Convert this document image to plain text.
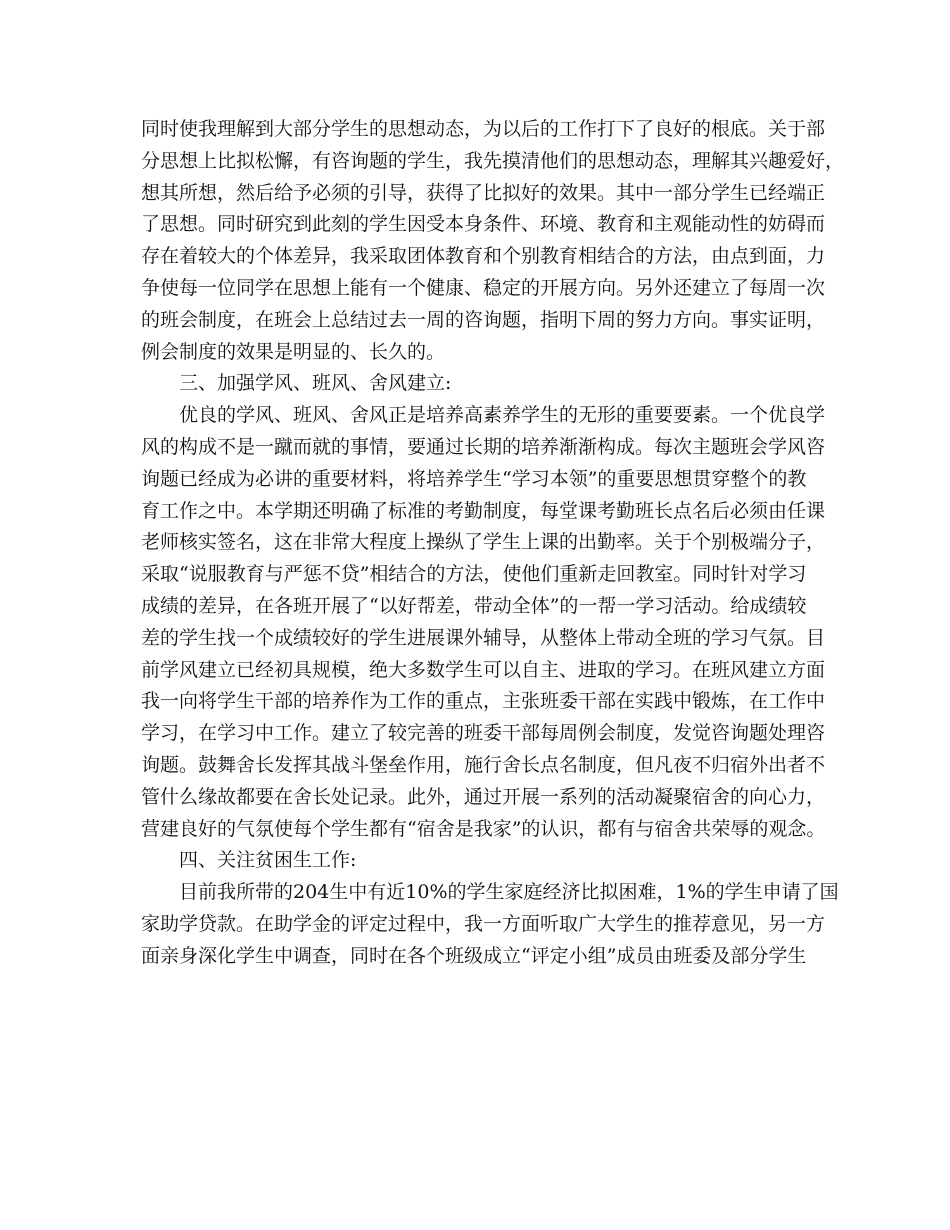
同时使我理解到大部分学生的思想动态，为以后的工作打下了良好的根底。关于部
分思想上比拟松懈，有咨询题的学生，我先摸清他们的思想动态，理解其兴趣爱好，
想其所想，然后给予必须的引导，获得了比拟好的效果。其中一部分学生已经端正
了思想。同时研究到此刻的学生因受本身条件、环境、教育和主观能动性的妨碍而
存在着较大的个体差异，我采取团体教育和个别教育相结合的方法，由点到面，力
争使每一位同学在思想上能有一个健康、稳定的开展方向。另外还建立了每周一次
的班会制度，在班会上总结过去一周的咨询题，指明下周的努力方向。事实证明，
例会制度的效果是明显的、长久的。
三、加强学风、班风、舍风建立:
优良的学风、班风、舍风正是培养高素养学生的无形的重要要素。一个优良学
风的构成不是一蹴而就的事情，要通过长期的培养渐渐构成。每次主题班会学风咨
询题已经成为必讲的重要材料，将培养学生“学习本领”的重要思想贯穿整个的教
育工作之中。本学期还明确了标准的考勤制度，每堂课考勤班长点名后必须由任课
老师核实签名，这在非常大程度上操纵了学生上课的出勤率。关于个别极端分子，
采取“说服教育与严惩不贷”相结合的方法，使他们重新走回教室。同时针对学习
成绩的差异，在各班开展了“以好帮差，带动全体”的一帮一学习活动。给成绩较
差的学生找一个成绩较好的学生进展课外辅导，从整体上带动全班的学习气氛。目
前学风建立已经初具规模，绝大多数学生可以自主、进取的学习。在班风建立方面
我一向将学生干部的培养作为工作的重点，主张班委干部在实践中锻炼，在工作中
学习，在学习中工作。建立了较完善的班委干部每周例会制度，发觉咨询题处理咨
询题。鼓舞舍长发挥其战斗堡垒作用，施行舍长点名制度，但凡夜不归宿外出者不
管什么缘故都要在舍长处记录。此外，通过开展一系列的活动凝聚宿舍的向心力，
营建良好的气氛使每个学生都有“宿舍是我家”的认识，都有与宿舍共荣辱的观念。
四、关注贫困生工作:
目前我所带的204生中有近10%的学生家庭经济比拟困难，1%的学生申请了国
家助学贷款。在助学金的评定过程中，我一方面听取广大学生的推荐意见，另一方
面亲身深化学生中调查，同时在各个班级成立“评定小组”成员由班委及部分学生
